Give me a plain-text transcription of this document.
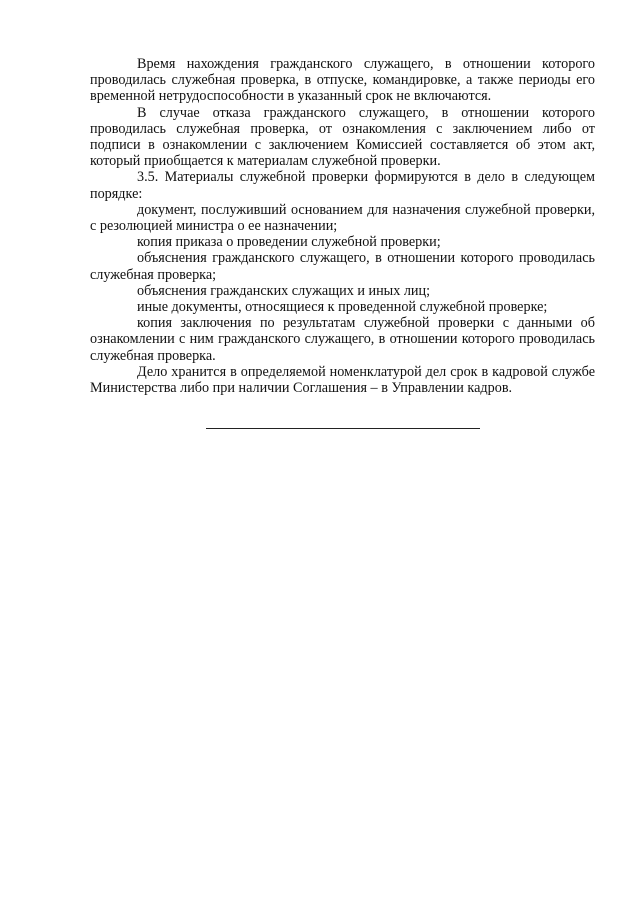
Время нахождения гражданского служащего, в отношении которого проводилась служебная проверка, в отпуске, командировке, а также периоды его временной нетрудоспособности в указанный срок не включаются.

В случае отказа гражданского служащего, в отношении которого проводилась служебная проверка, от ознакомления с заключением либо от подписи в ознакомлении с заключением Комиссией составляется об этом акт, который приобщается к материалам служебной проверки.

3.5. Материалы служебной проверки формируются в дело в следующем порядке:

документ, послуживший основанием для назначения служебной проверки, с резолюцией министра о ее назначении;

копия приказа о проведении служебной проверки;

объяснения гражданского служащего, в отношении которого проводилась служебная проверка;

объяснения гражданских служащих и иных лиц;

иные документы, относящиеся к проведенной служебной проверке;

копия заключения по результатам служебной проверки с данными об ознакомлении с ним гражданского служащего, в отношении которого проводилась служебная проверка.

Дело хранится в определяемой номенклатурой дел срок в кадровой службе Министерства либо при наличии Соглашения – в Управлении кадров.
